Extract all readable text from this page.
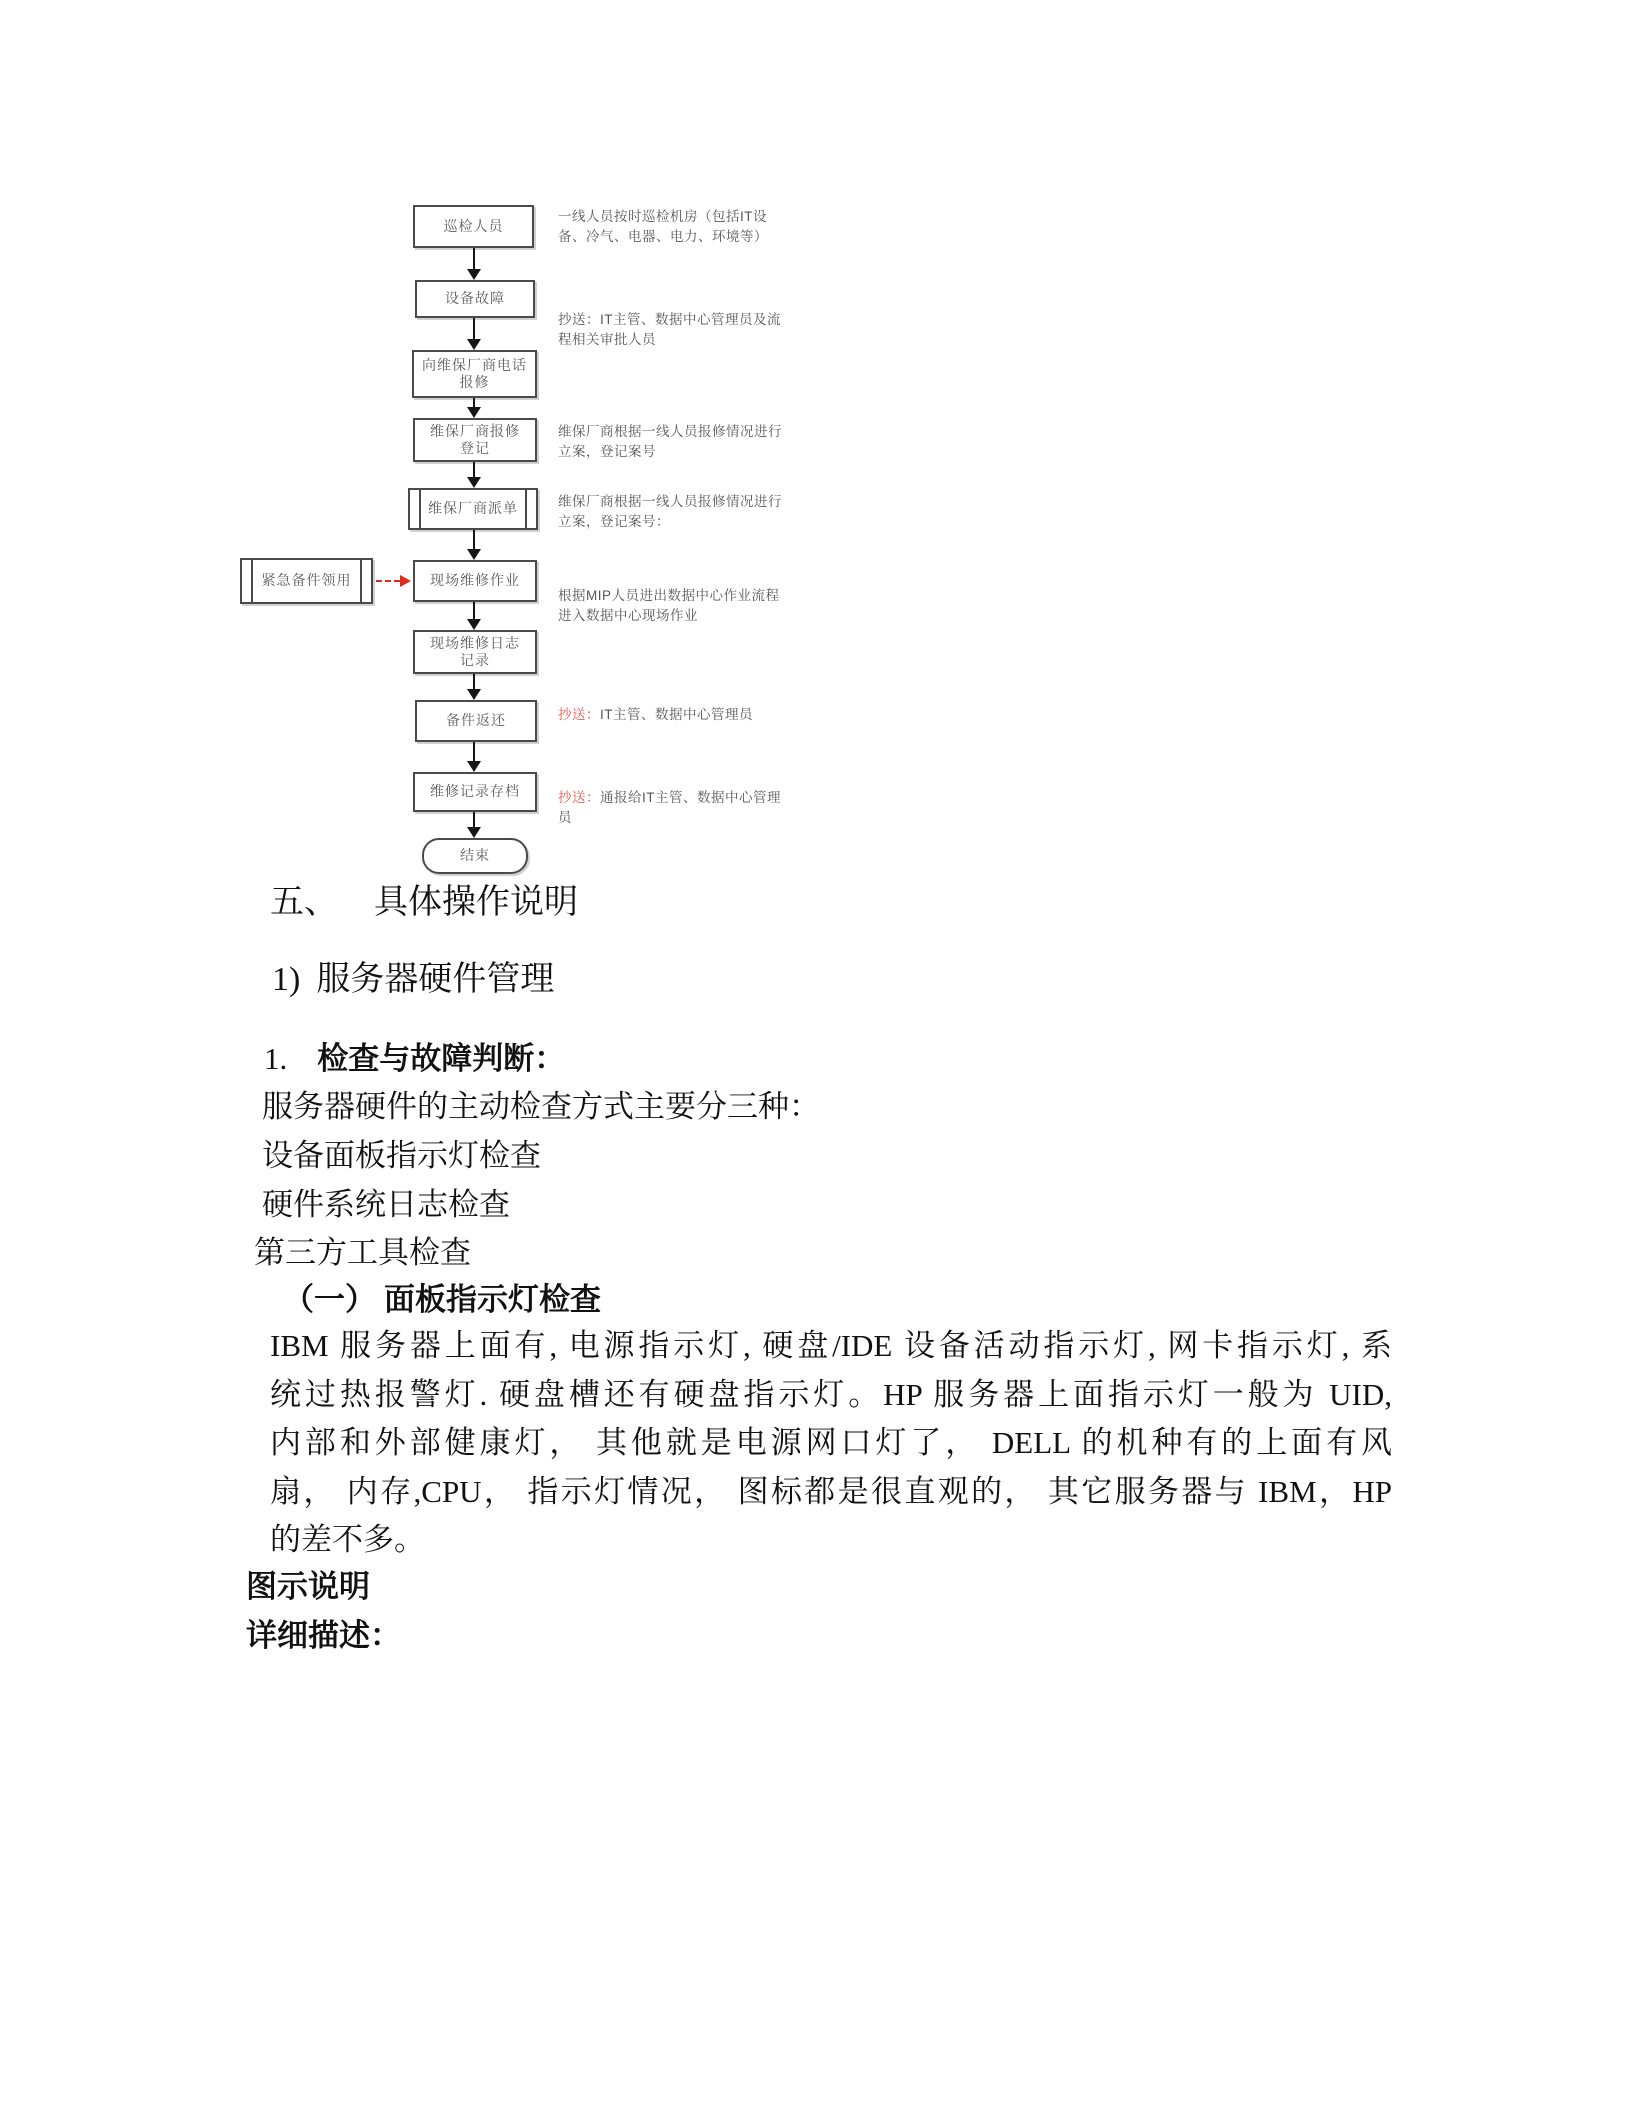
巡检人员
设备故障
向维保厂商电话报修
维保厂商报修登记
维保厂商派单
紧急备件领用	现场维修作业
现场维修日志记录
备件返还
维修记录存档
结束
一线人员按时巡检机房（包括IT设备、冷气、电器、电力、环境等）
抄送：IT主管、数据中心管理员及流程相关审批人员
维保厂商根据一线人员报修情况进行立案，登记案号
维保厂商根据一线人员报修情况进行立案，登记案号：
根据MIP人员进出数据中心作业流程进入数据中心现场作业
抄送：IT主管、数据中心管理员
抄送：通报给IT主管、数据中心管理员
五、 具体操作说明
1) 服务器硬件管理
1. 检查与故障判断：
服务器硬件的主动检查方式主要分三种：
设备面板指示灯检查
硬件系统日志检查
第三方工具检查
（一） 面板指示灯检查
IBM 服务器上面有, 电源指示灯, 硬盘/IDE 设备活动指示灯, 网卡指示灯, 系
统过热报警灯. 硬盘槽还有硬盘指示灯。HP 服务器上面指示灯一般为 UID,
内部和外部健康灯， 其他就是电源网口灯了， DELL 的机种有的上面有风
扇， 内存,CPU， 指示灯情况， 图标都是很直观的， 其它服务器与 IBM，HP
的差不多。
图示说明
详细描述：
